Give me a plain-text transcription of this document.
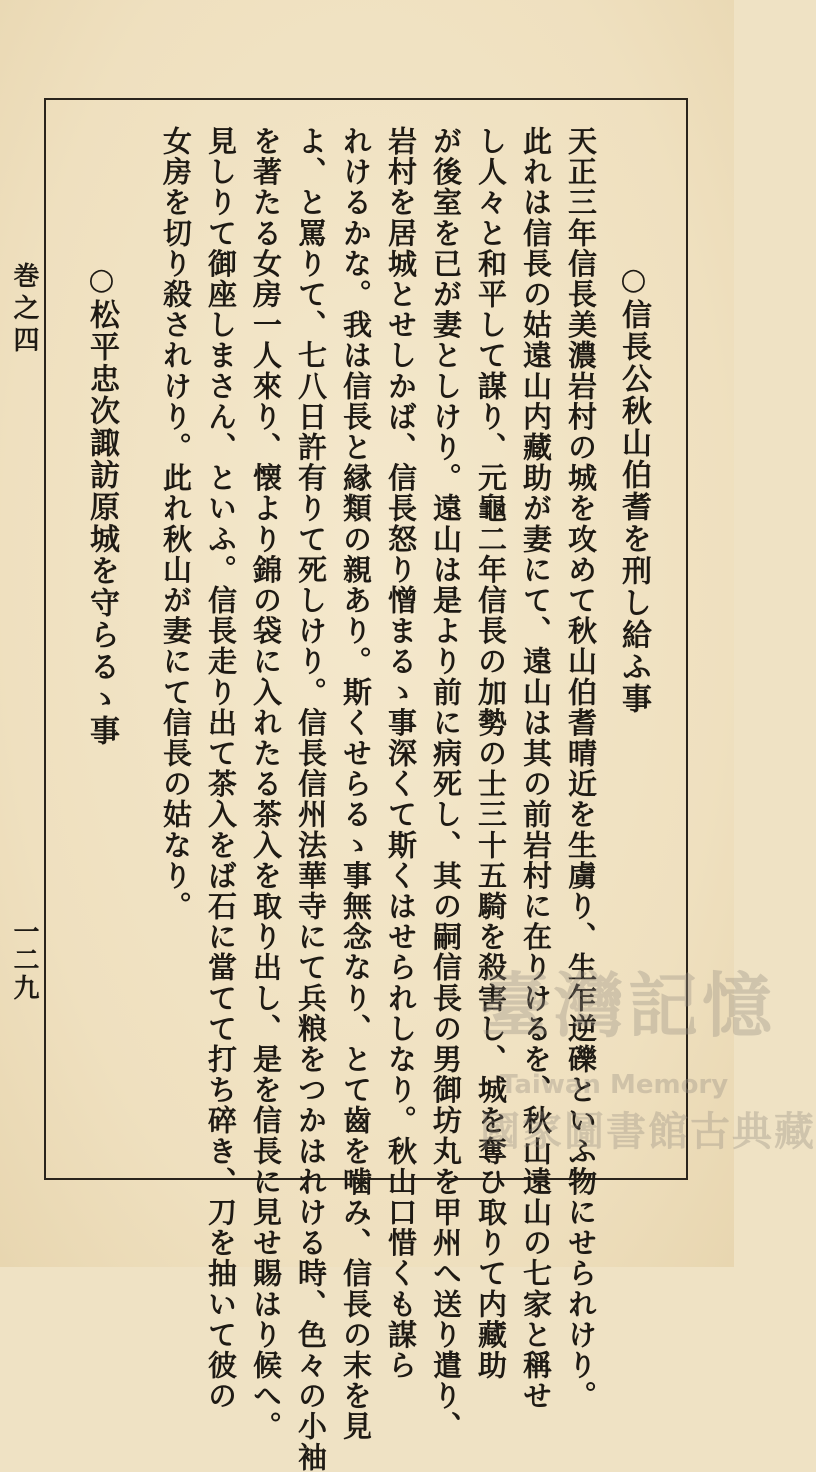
○信長公秋山伯耆を刑し給ふ事
天正三年信長美濃岩村の城を攻めて秋山伯耆晴近を生虜り、生乍逆礫といふ物にせられけり。
此れは信長の姑遠山内藏助が妻にて、遠山は其の前岩村に在りけるを、秋山遠山の七家と稱せ
し人々と和平して謀り、元龜二年信長の加勢の士三十五騎を殺害し、城を奪ひ取りて内藏助
が後室を已が妻としけり。遠山は是より前に病死し、其の嗣信長の男御坊丸を甲州へ送り遣り、
岩村を居城とせしかば、信長怒り憎まるゝ事深くて斯くはせられしなり。秋山口惜くも謀ら
れけるかな。我は信長と縁類の親あり。斯くせらるゝ事無念なり、とて齒を噛み、信長の末を見
よ、と罵りて、七八日許有りて死しけり。信長信州法華寺にて兵粮をつかはれける時、色々の小袖
を著たる女房一人來り、懐より錦の袋に入れたる茶入を取り出し、是を信長に見せ賜はり候へ。
見しりて御座しまさん、といふ。信長走り出て茶入をば石に當てて打ち碎き、刀を抽いて彼の
女房を切り殺されけり。此れ秋山が妻にて信長の姑なり。
○松平忠次諏訪原城を守らるゝ事
巻之四
一二九
臺灣記憶
Taiwan Memory
國家圖書館古典藏
